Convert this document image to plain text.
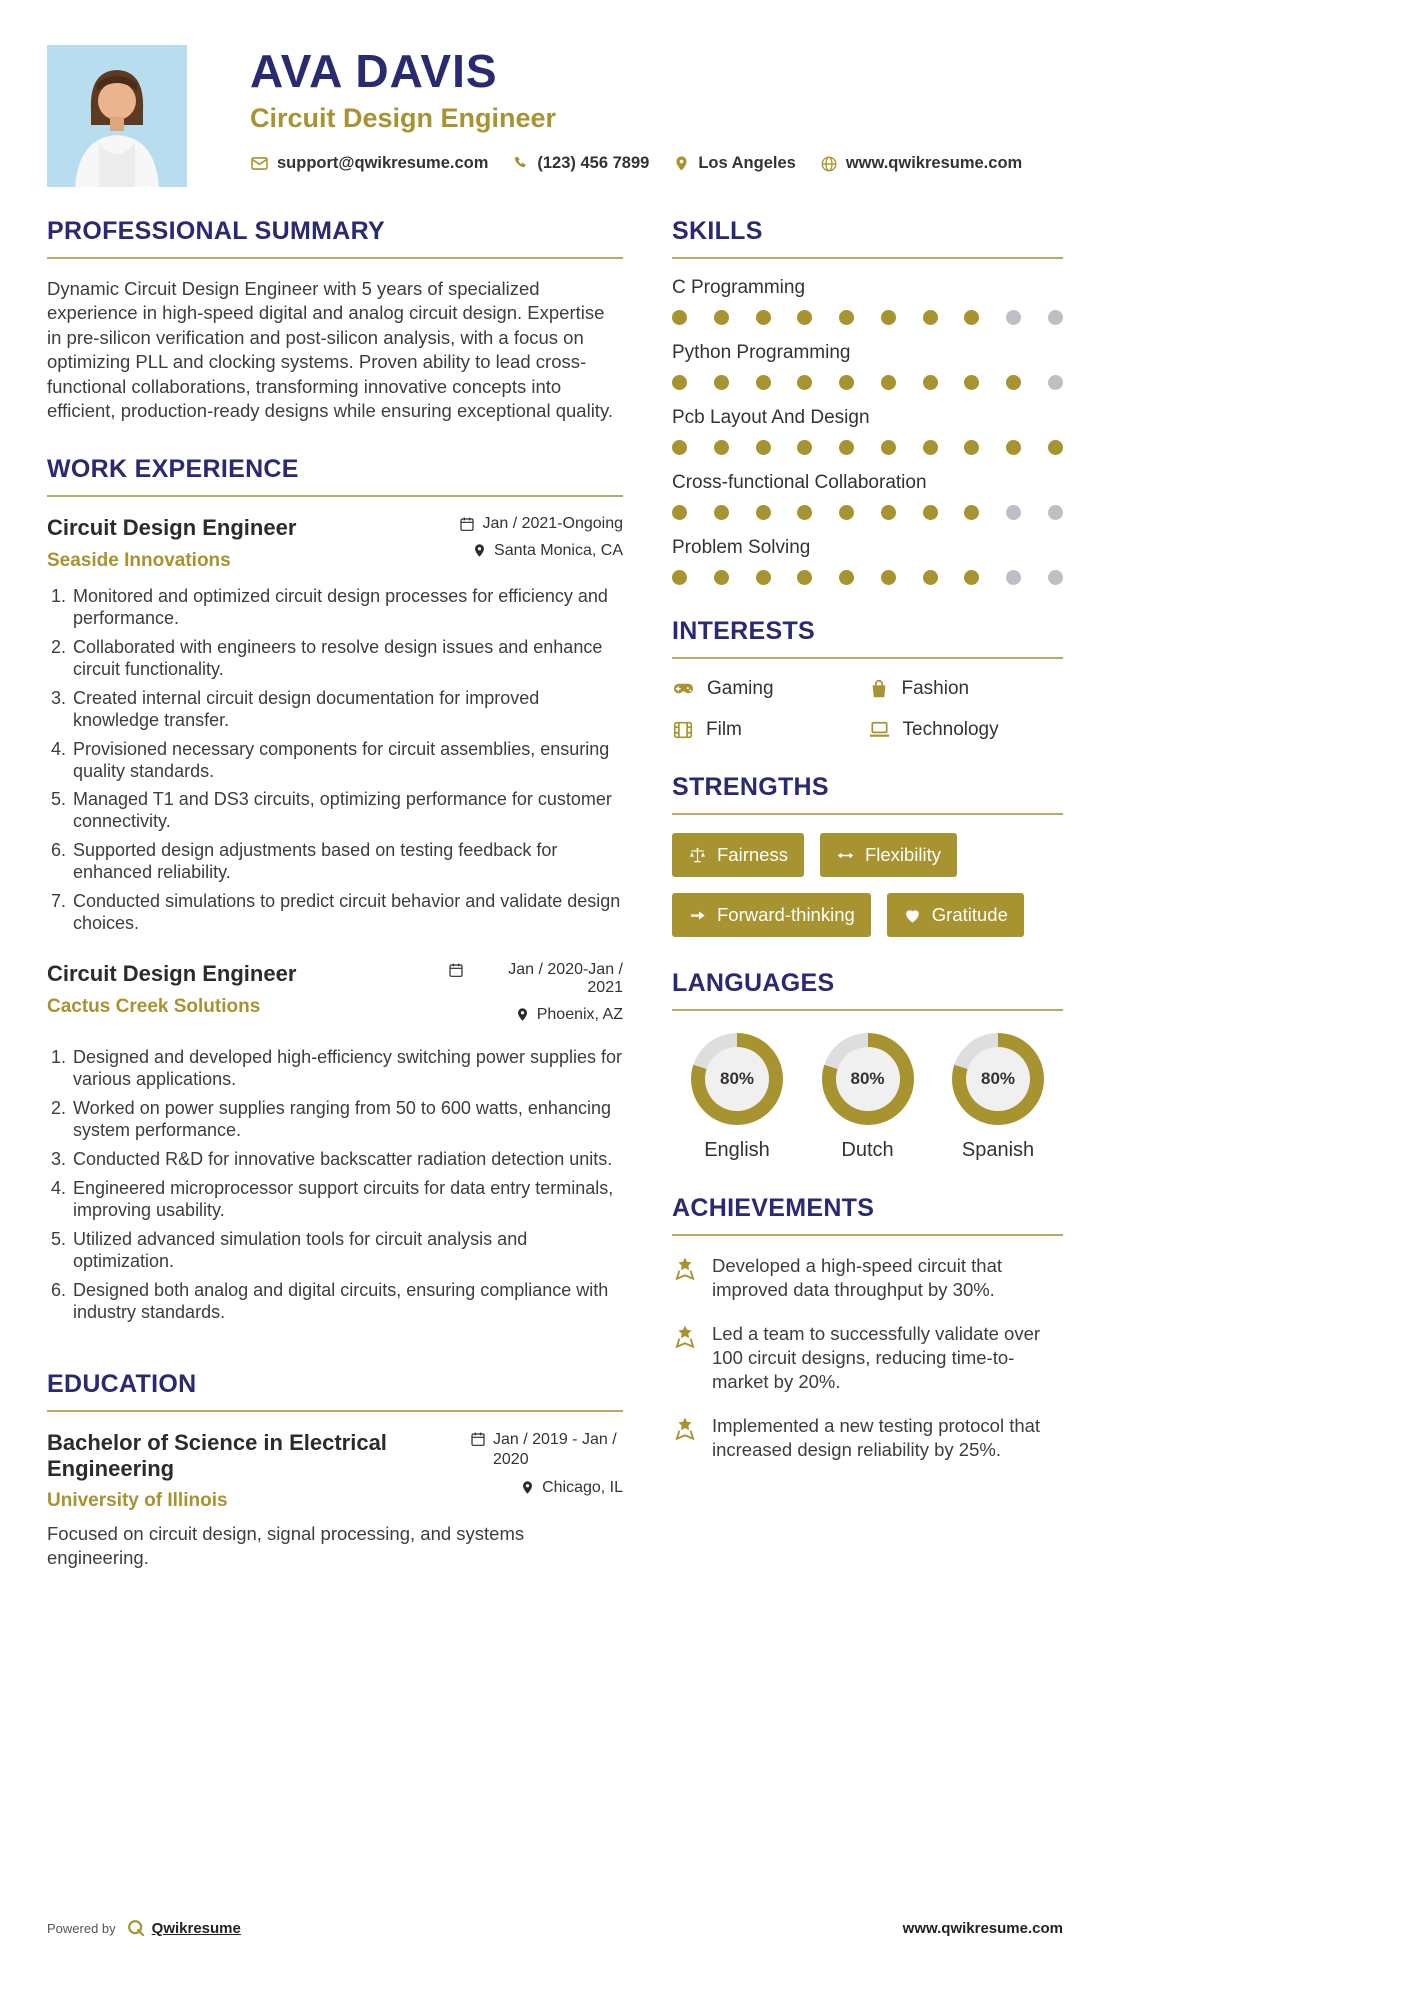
AVA DAVIS
Circuit Design Engineer
support@qwikresume.com	(123) 456 7899	Los Angeles	www.qwikresume.com
PROFESSIONAL SUMMARY

Dynamic Circuit Design Engineer with 5 years of specialized experience in high-speed digital and analog circuit design. Expertise in pre-silicon verification and post-silicon analysis, with a focus on optimizing PLL and clocking systems. Proven ability to lead cross-functional collaborations, transforming innovative concepts into efficient, production-ready designs while ensuring exceptional quality.

WORK EXPERIENCE
Circuit Design Engineer
Seaside Innovations
Jan / 2021-Ongoing
Santa Monica, CA
1. Monitored and optimized circuit design processes for efficiency and performance.
2. Collaborated with engineers to resolve design issues and enhance circuit functionality.
3. Created internal circuit design documentation for improved knowledge transfer.
4. Provisioned necessary components for circuit assemblies, ensuring quality standards.
5. Managed T1 and DS3 circuits, optimizing performance for customer connectivity.
6. Supported design adjustments based on testing feedback for enhanced reliability.
7. Conducted simulations to predict circuit behavior and validate design choices.
Circuit Design Engineer
Cactus Creek Solutions
Jan / 2020-Jan / 2021
Phoenix, AZ
1. Designed and developed high-efficiency switching power supplies for various applications.
2. Worked on power supplies ranging from 50 to 600 watts, enhancing system performance.
3. Conducted R&D for innovative backscatter radiation detection units.
4. Engineered microprocessor support circuits for data entry terminals, improving usability.
5. Utilized advanced simulation tools for circuit analysis and optimization.
6. Designed both analog and digital circuits, ensuring compliance with industry standards.
EDUCATION
Bachelor of Science in Electrical Engineering
University of Illinois
Jan / 2019 - Jan / 2020
Chicago, IL

Focused on circuit design, signal processing, and systems engineering.

SKILLS
C Programming
Python Programming
Pcb Layout And Design
Cross-functional Collaboration
Problem Solving
INTERESTS
Gaming	Fashion
Film	Technology
STRENGTHS
Fairness	Flexibility
Forward-thinking	Gratitude
LANGUAGES
80%
English
80%
Dutch
80%
Spanish
ACHIEVEMENTS
Developed a high-speed circuit that improved data throughput by 30%.
Led a team to successfully validate over 100 circuit designs, reducing time-to-market by 20%.
Implemented a new testing protocol that increased design reliability by 25%.
Powered by Qwikresume	www.qwikresume.com
